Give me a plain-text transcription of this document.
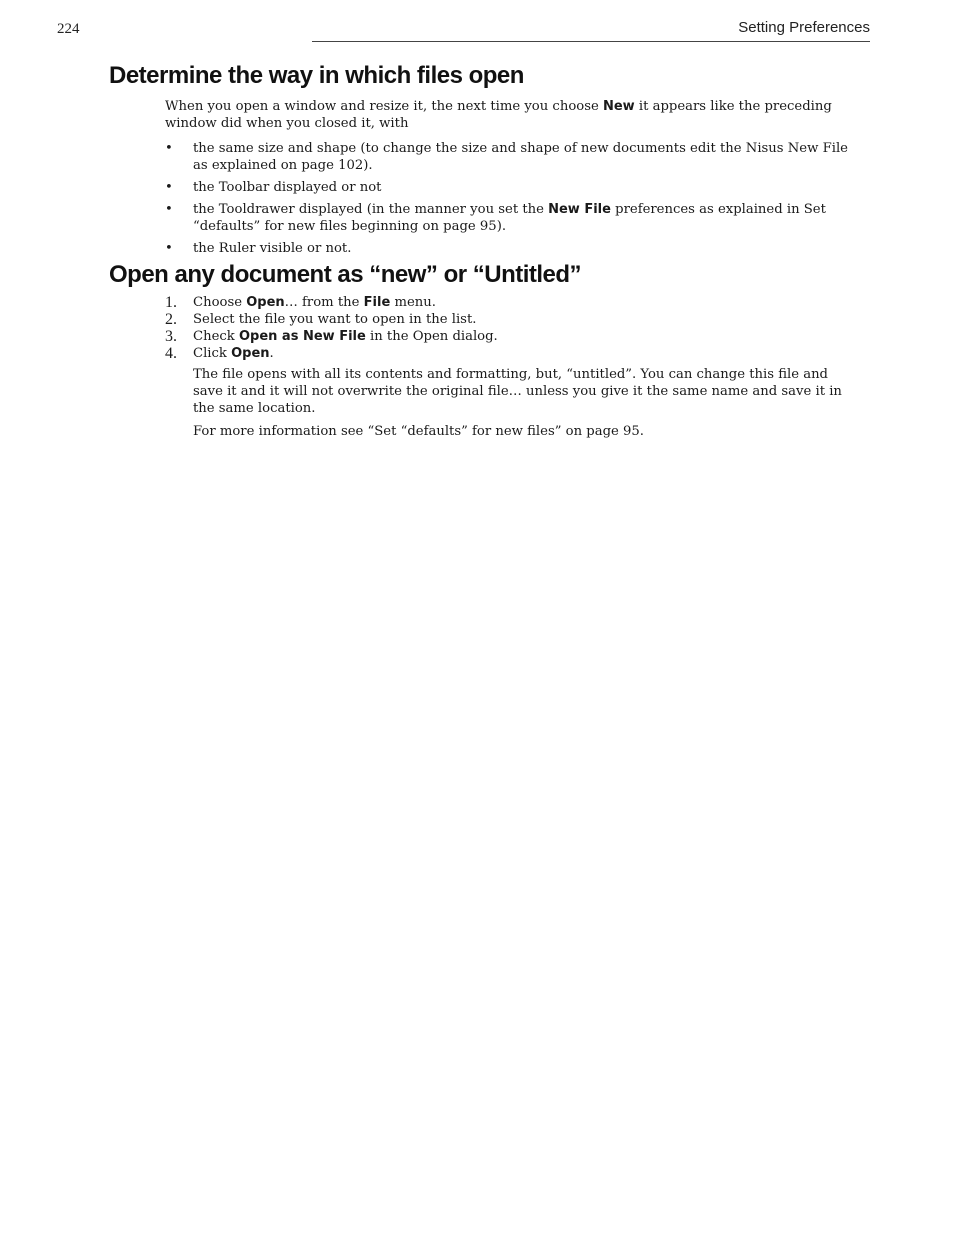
224	Setting Preferences
Determine the way in which files open

When you open a window and resize it, the next time you choose New it appears like the preceding window did when you closed it, with

• the same size and shape (to change the size and shape of new documents edit the Nisus New File as explained on page 102).
• the Toolbar displayed or not
• the Tooldrawer displayed (in the manner you set the New File preferences as explained in Set “defaults” for new files beginning on page 95).
• the Ruler visible or not.
Open any document as “new” or “Untitled”
1. Choose Open… from the File menu.
2. Select the file you want to open in the list.
3. Check Open as New File in the Open dialog.
4. Click Open.

The file opens with all its contents and formatting, but, “untitled”. You can change this file and save it and it will not overwrite the original file… unless you give it the same name and save it in the same location.

For more information see “Set “defaults” for new files” on page 95.
